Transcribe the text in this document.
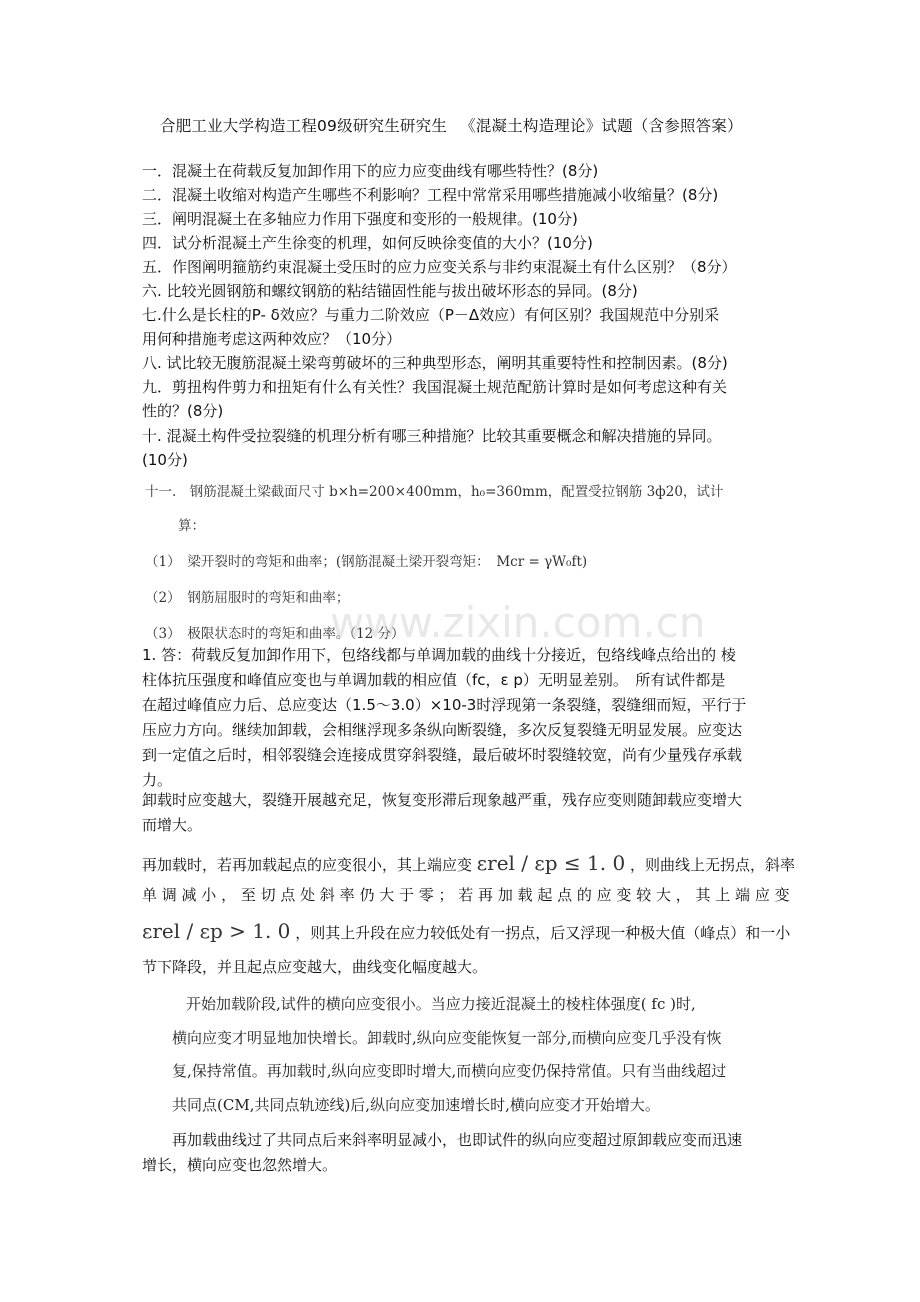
合肥工业大学构造工程09级研究生研究生 　《混凝土构造理论》试题（含参照答案）
一．混凝土在荷载反复加卸作用下的应力应变曲线有哪些特性？(8分)
二．混凝土收缩对构造产生哪些不利影响？工程中常常采用哪些措施减小收缩量？(8分)
三．阐明混凝土在多轴应力作用下强度和变形的一般规律。(10分)
四．试分析混凝土产生徐变的机理，如何反映徐变值的大小？(10分)
五．作图阐明箍筋约束混凝土受压时的应力应变关系与非约束混凝土有什么区别？（8分）
六. 比较光圆钢筋和螺纹钢筋的粘结锚固性能与拔出破坏形态的异同。(8分)
七.什么是长柱的P- δ效应？与重力二阶效应（P－Δ效应）有何区别？我国规范中分别采
用何种措施考虑这两种效应？（10分）
八. 试比较无腹筋混凝土梁弯剪破坏的三种典型形态，阐明其重要特性和控制因素。(8分)
九．剪扭构件剪力和扭矩有什么有关性？我国混凝土规范配筋计算时是如何考虑这种有关
性的？(8分)
十. 混凝土构件受拉裂缝的机理分析有哪三种措施？比较其重要概念和解决措施的异同。
(10分)
十一.　钢筋混凝土梁截面尺寸 b×h=200×400mm，h₀=360mm，配置受拉钢筋 3ф20，试计
算：
（1）　梁开裂时的弯矩和曲率；(钢筋混凝土梁开裂弯矩：　Mcr = γW₀ft)
（2）　钢筋屈服时的弯矩和曲率；
（3）　极限状态时的弯矩和曲率。（12 分）
www.zixin.com.cn
1. 答：荷载反复加卸作用下，包络线都与单调加载的曲线十分接近，包络线峰点给出的 棱
柱体抗压强度和峰值应变也与单调加载的相应值（fc，ε p）无明显差别。　所有试件都是
在超过峰值应力后、总应变达（1.5～3.0）×10-3时浮现第一条裂缝，裂缝细而短，平行于
压应力方向。继续加卸载，会相继浮现多条纵向断裂缝，多次反复裂缝无明显发展。应变达
到一定值之后时，相邻裂缝会连接成贯穿斜裂缝，最后破坏时裂缝较宽，尚有少量残存承载
力。
卸载时应变越大，裂缝开展越充足，恢复变形滞后现象越严重，残存应变则随卸载应变增大
而增大。
再加载时，若再加载起点的应变很小，其上端应变 εrel / εp ≤ 1. 0 ，则曲线上无拐点，斜率
单 调 减 小 ， 至 切 点 处 斜 率 仍 大 于 零 ； 若 再 加 载 起 点 的 应 变 较 大 ， 其 上 端 应 变
εrel / εp > 1. 0 ，则其上升段在应力较低处有一拐点，后又浮现一种极大值（峰点）和一小
节下降段，并且起点应变越大，曲线变化幅度越大。
开始加载阶段,试件的横向应变很小。当应力接近混凝土的棱柱体强度( fc )时,
横向应变才明显地加快增长。卸载时,纵向应变能恢复一部分,而横向应变几乎没有恢
复,保持常值。再加载时,纵向应变即时增大,而横向应变仍保持常值。只有当曲线超过
共同点(CM,共同点轨迹线)后,纵向应变加速增长时,横向应变才开始增大。
　　再加载曲线过了共同点后来斜率明显减小，也即试件的纵向应变超过原卸载应变而迅速
增长，横向应变也忽然增大。
